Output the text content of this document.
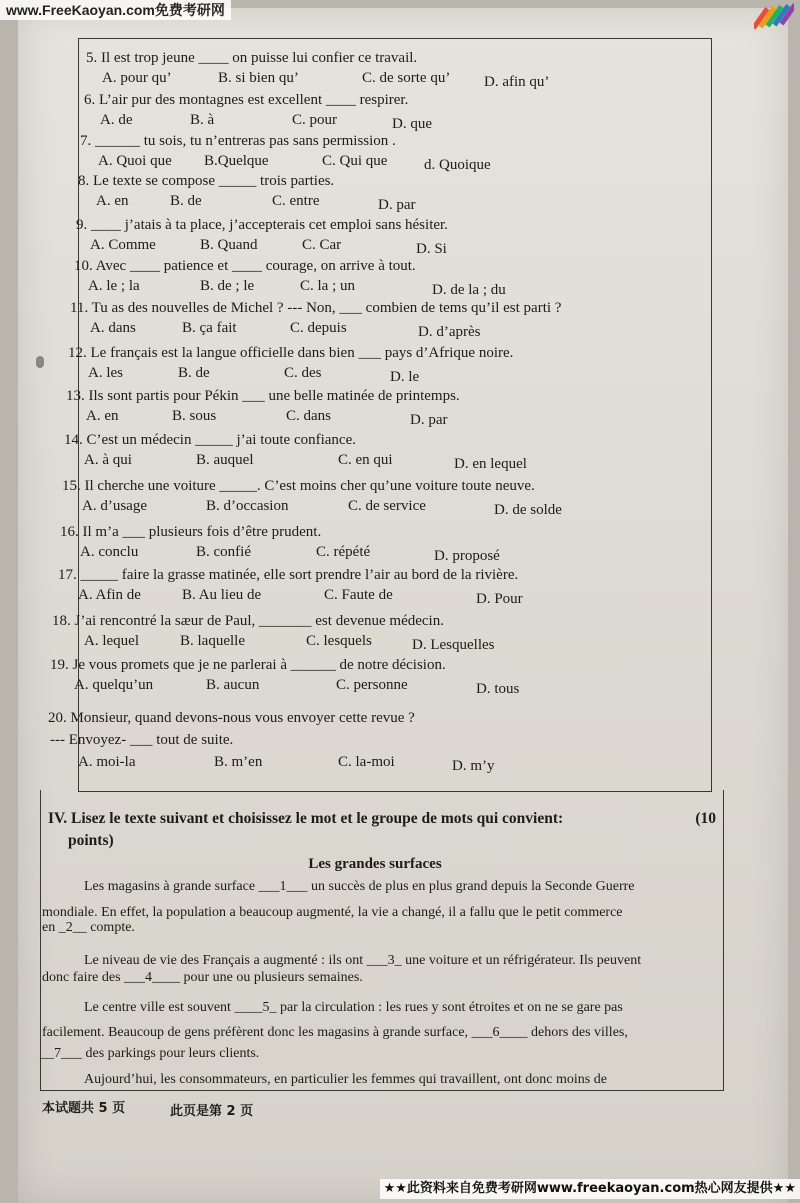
www.FreeKaoyan.com免费考研网
5. Il est trop jeune ____ on puisse lui confier ce travail.
A. pour qu’	B. si bien qu’	C. de sorte qu’ D. afin qu’
6. L’air pur des montagnes est excellent ____ respirer.
A. de	B. à	C. pour	D. que
7. ______ tu sois, tu n’entreras pas sans permission .
A. Quoi que B.Quelque	C. Qui que d. Quoique
8. Le texte se compose _____ trois parties.
A. en	B. de	C. entre	D. par
9. ____ j’atais à ta place, j’accepterais cet emploi sans hésiter.
A. Comme	B. Quand	C. Car	D. Si
10. Avec ____ patience et ____ courage, on arrive à tout.
A. le ; la	B. de ; le	C. la ; un	D. de la ; du
11. Tu as des nouvelles de Michel ? --- Non, ___ combien de tems qu’il est parti ?
A. dans	B. ça fait	C. depuis	D. d’après
12. Le français est la langue officielle dans bien ___ pays d’Afrique noire.
A. les	B. de	C. des	D. le
13. Ils sont partis pour Pékin ___ une belle matinée de printemps.
A. en	B. sous	C. dans	D. par
14. C’est un médecin _____ j’ai toute confiance.
A. à qui	B. auquel	C. en qui	D. en lequel
15. Il cherche une voiture _____. C’est moins cher qu’une voiture toute neuve.
A. d’usage	B. d’occasion	C. de service	D. de solde
16. Il m’a ___ plusieurs fois d’être prudent.
A. conclu	B. confié	C. répété	D. proposé
17. _____ faire la grasse matinée, elle sort prendre l’air au bord de la rivière.
A. Afin de	B. Au lieu de	C. Faute de	D. Pour
18. J’ai rencontré la sæur de Paul, _______ est devenue médecin.
A. lequel	B. laquelle	C. lesquels	D. Lesquelles
19. Je vous promets que je ne parlerai à ______ de notre décision.
A. quelqu’un	B. aucun	C. personne	D. tous
20. Monsieur, quand devons-nous vous envoyer cette revue ?
--- Envoyez- ___ tout de suite.
A. moi-la	B. m’en	C. la-moi	D. m’y
IV. Lisez le texte suivant et choisissez le mot et le groupe de mots qui convient:	(10
points)
Les grandes surfaces
Les magasins à grande surface ___1___ un succès de plus en plus grand depuis la Seconde Guerre
mondiale. En effet, la population a beaucoup augmenté, la vie a changé, il a fallu que le petit commerce
en _2__ compte.
Le niveau de vie des Français a augmenté : ils ont ___3_ une voiture et un réfrigérateur. Ils peuvent
donc faire des ___4____ pour une ou plusieurs semaines.
Le centre ville est souvent ____5_ par la circulation : les rues y sont étroites et on ne se gare pas
facilement. Beaucoup de gens préfèrent donc les magasins à grande surface, ___6____ dehors des villes,
__7___ des parkings pour leurs clients.
Aujourd’hui, les consommateurs, en particulier les femmes qui travaillent, ont donc moins de
本试题共 5 页	此页是第 2 页
★★此资料来自免费考研网www.freekaoyan.com热心网友提供★★
